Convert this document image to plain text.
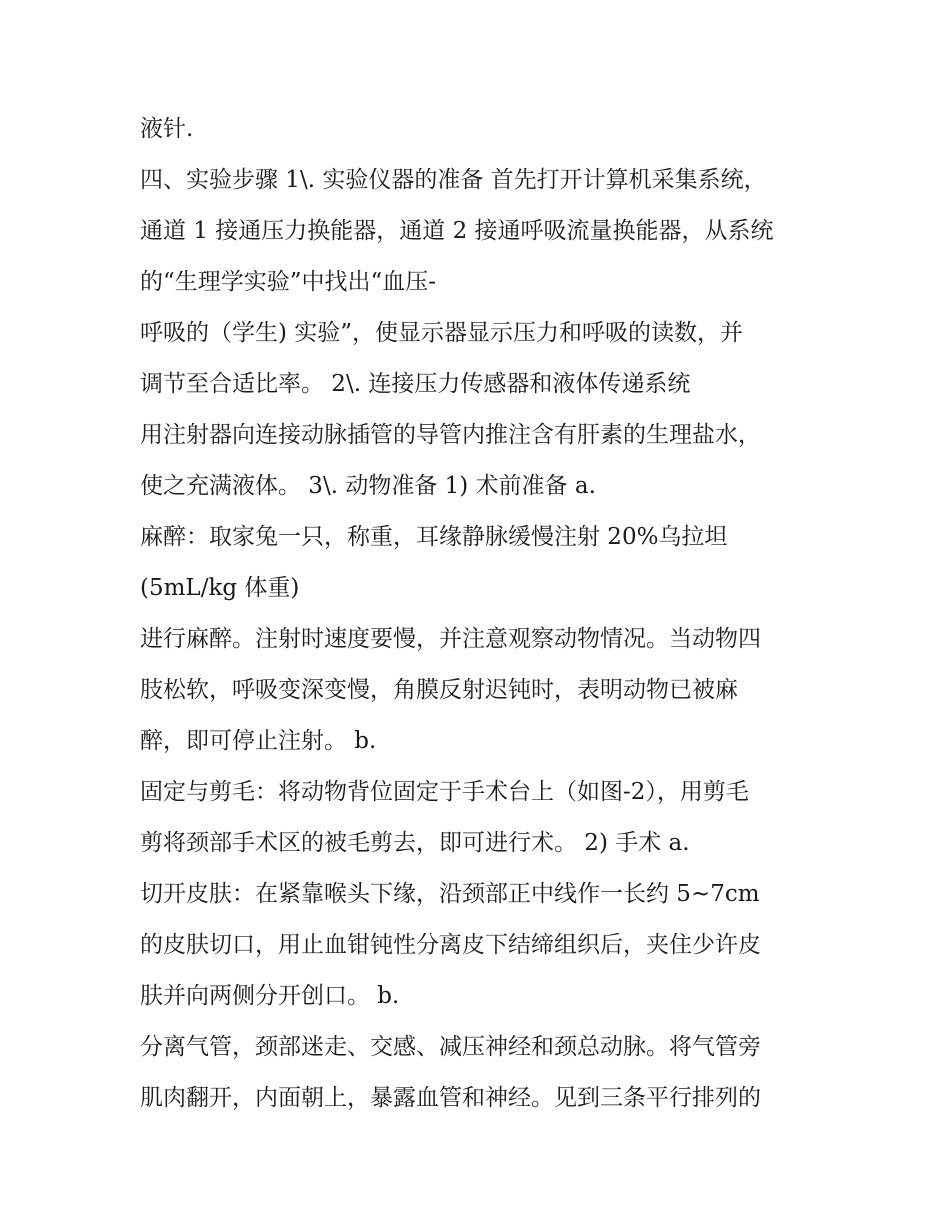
液针.
四、实验步骤 1\. 实验仪器的准备 首先打开计算机采集系统，
通道 1 接通压力换能器，通道 2 接通呼吸流量换能器，从系统
的“生理学实验”中找出“血压-
呼吸的（学生) 实验”，使显示器显示压力和呼吸的读数，并
调节至合适比率。 2\. 连接压力传感器和液体传递系统
用注射器向连接动脉插管的导管内推注含有肝素的生理盐水，
使之充满液体。 3\. 动物准备 1) 术前准备 a.
麻醉：取家兔一只，称重，耳缘静脉缓慢注射 20%乌拉坦
(5mL/kg 体重)
进行麻醉。注射时速度要慢，并注意观察动物情况。当动物四
肢松软，呼吸变深变慢，角膜反射迟钝时，表明动物已被麻
醉，即可停止注射。 b.
固定与剪毛：将动物背位固定于手术台上（如图-2），用剪毛
剪将颈部手术区的被毛剪去，即可进行术。 2) 手术 a.
切开皮肤：在紧靠喉头下缘，沿颈部正中线作一长约 5~7cm
的皮肤切口，用止血钳钝性分离皮下结缔组织后，夹住少许皮
肤并向两侧分开创口。 b.
分离气管，颈部迷走、交感、减压神经和颈总动脉。将气管旁
肌肉翻开，内面朝上，暴露血管和神经。见到三条平行排列的
